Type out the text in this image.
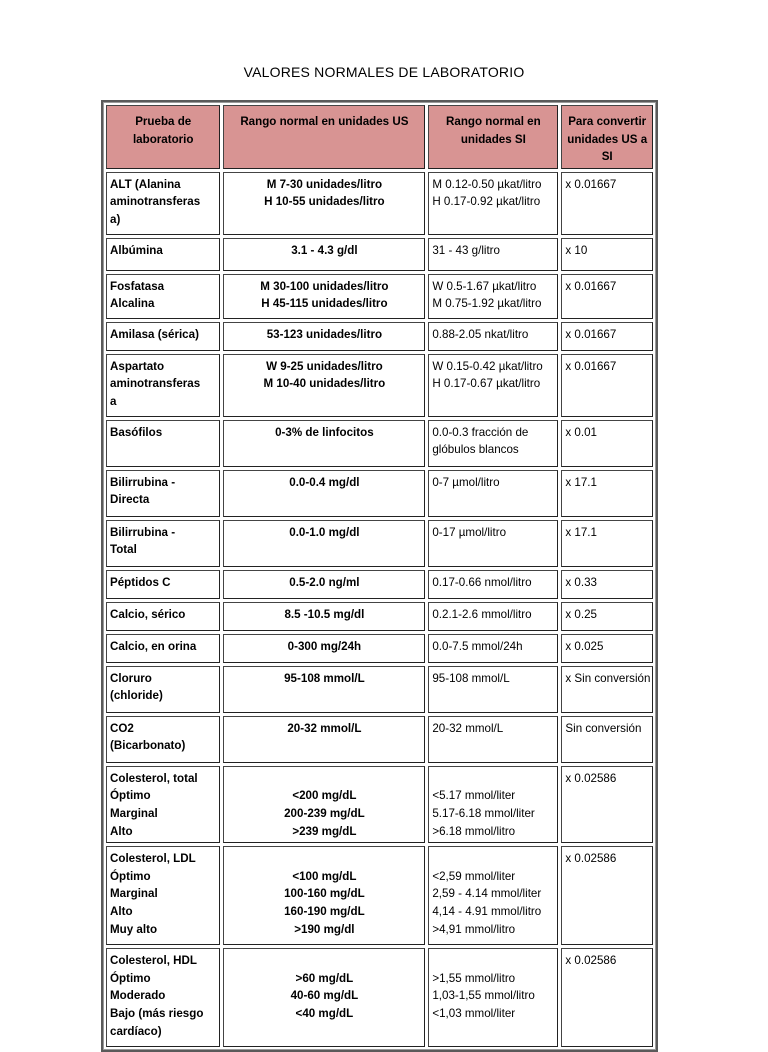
VALORES NORMALES DE LABORATORIO
Prueba de laboratorio	Rango normal en unidades US	Rango normal en unidades SI	Para convertir unidades US a SI

ALT (Alanina
aminotransferas
a)	M 7-30 unidades/litro
H 10-55 unidades/litro	M 0.12-0.50 µkat/litro
H 0.17-0.92 µkat/litro	x 0.01667

Albúmina	3.1 - 4.3 g/dl	31 - 43 g/litro	x 10

Fosfatasa
Alcalina	M 30-100 unidades/litro
H 45-115 unidades/litro	W 0.5-1.67 µkat/litro
M 0.75-1.92 µkat/litro	x 0.01667

Amilasa (sérica)	53-123 unidades/litro	0.88-2.05 nkat/litro	x 0.01667

Aspartato
aminotransferas
a	W 9-25 unidades/litro
M 10-40 unidades/litro	W 0.15-0.42 µkat/litro
H 0.17-0.67 µkat/litro	x 0.01667

Basófilos	0-3% de linfocitos	0.0-0.3 fracción de
glóbulos blancos	x 0.01

Bilirrubina -
Directa	0.0-0.4 mg/dl	0-7 µmol/litro	x 17.1

Bilirrubina -
Total	0.0-1.0 mg/dl	0-17 µmol/litro	x 17.1

Péptidos C	0.5-2.0 ng/ml	0.17-0.66 nmol/litro	x 0.33

Calcio, sérico	8.5 -10.5 mg/dl	0.2.1-2.6 mmol/litro	x 0.25

Calcio, en orina	0-300 mg/24h	0.0-7.5 mmol/24h	x 0.025

Cloruro
(chloride)	95-108 mmol/L	95-108 mmol/L	x Sin conversión

CO2
(Bicarbonato)	20-32 mmol/L	20-32 mmol/L	Sin conversión

Colesterol, total
Óptimo
Marginal
Alto	<200 mg/dL
200-239 mg/dL
>239 mg/dL	<5.17 mmol/liter
5.17-6.18 mmol/liter
>6.18 mmol/litro	x 0.02586

Colesterol, LDL
Óptimo
Marginal
Alto
Muy alto	<100 mg/dL
100-160 mg/dL
160-190 mg/dL
>190 mg/dl	<2,59 mmol/liter
2,59 - 4.14 mmol/liter
4,14 - 4.91 mmol/litro
>4,91 mmol/litro	x 0.02586

Colesterol, HDL
Óptimo
Moderado
Bajo (más riesgo
cardíaco)	>60 mg/dL
40-60 mg/dL
<40 mg/dL	>1,55 mmol/litro
1,03-1,55 mmol/litro
<1,03 mmol/liter	x 0.02586
